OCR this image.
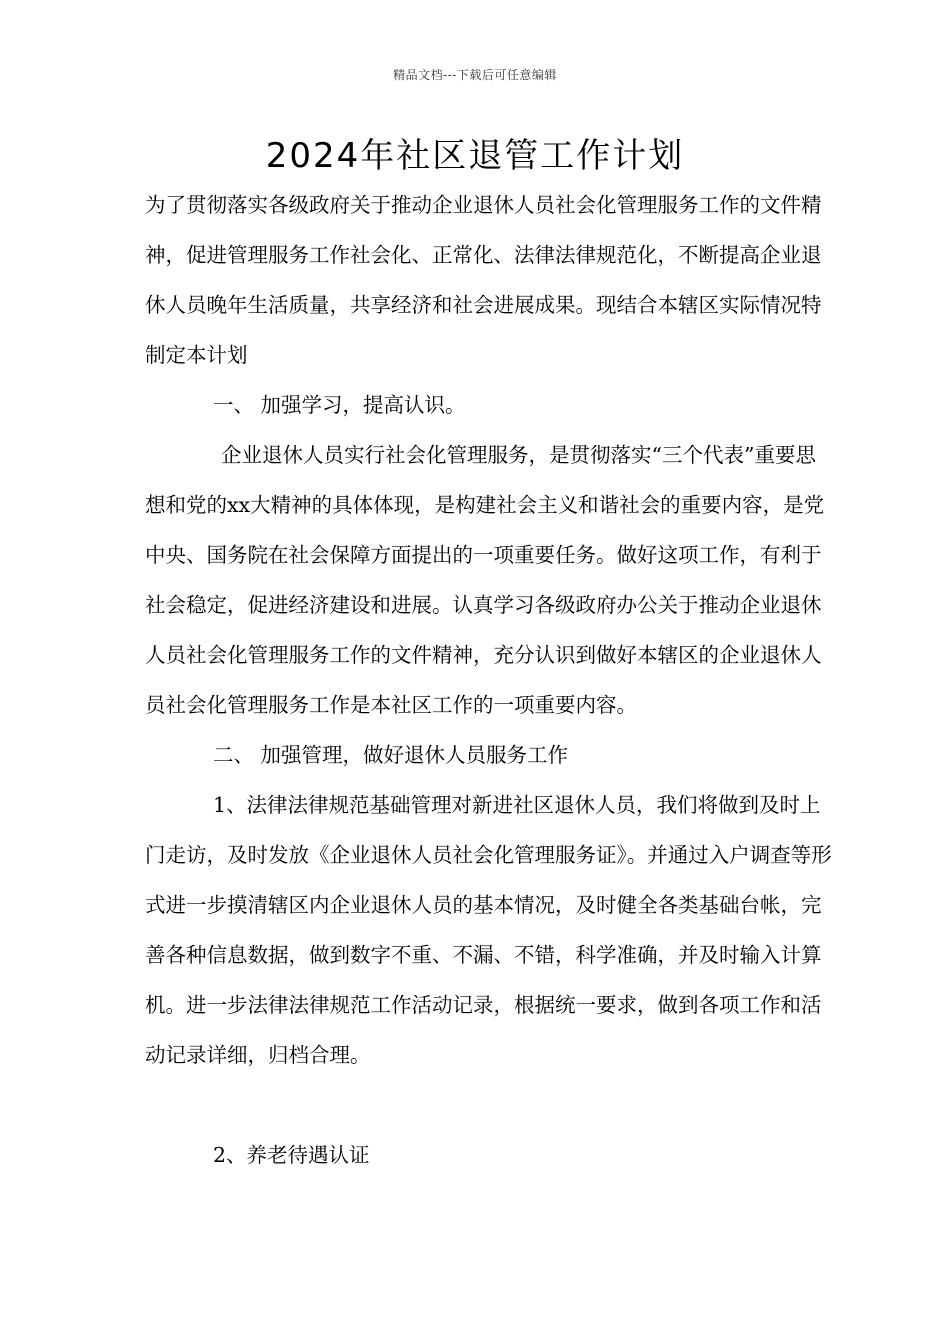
精品文档---下载后可任意编辑
2024年社区退管工作计划

为了贯彻落实各级政府关于推动企业退休人员社会化管理服务工作的文件精神，促进管理服务工作社会化、正常化、法律法律规范化，不断提高企业退休人员晚年生活质量，共享经济和社会进展成果。现结合本辖区实际情况特制定本计划

一、 加强学习，提高认识。

企业退休人员实行社会化管理服务，是贯彻落实“三个代表”重要思想和党的xx大精神的具体体现，是构建社会主义和谐社会的重要内容，是党中央、国务院在社会保障方面提出的一项重要任务。做好这项工作，有利于社会稳定，促进经济建设和进展。认真学习各级政府办公关于推动企业退休人员社会化管理服务工作的文件精神，充分认识到做好本辖区的企业退休人员社会化管理服务工作是本社区工作的一项重要内容。

二、 加强管理，做好退休人员服务工作

1、法律法律规范基础管理对新进社区退休人员，我们将做到及时上门走访，及时发放《企业退休人员社会化管理服务证》。并通过入户调查等形式进一步摸清辖区内企业退休人员的基本情况，及时健全各类基础台帐，完善各种信息数据，做到数字不重、不漏、不错，科学准确，并及时输入计算机。进一步法律法律规范工作活动记录，根据统一要求，做到各项工作和活动记录详细，归档合理。

2、养老待遇认证
